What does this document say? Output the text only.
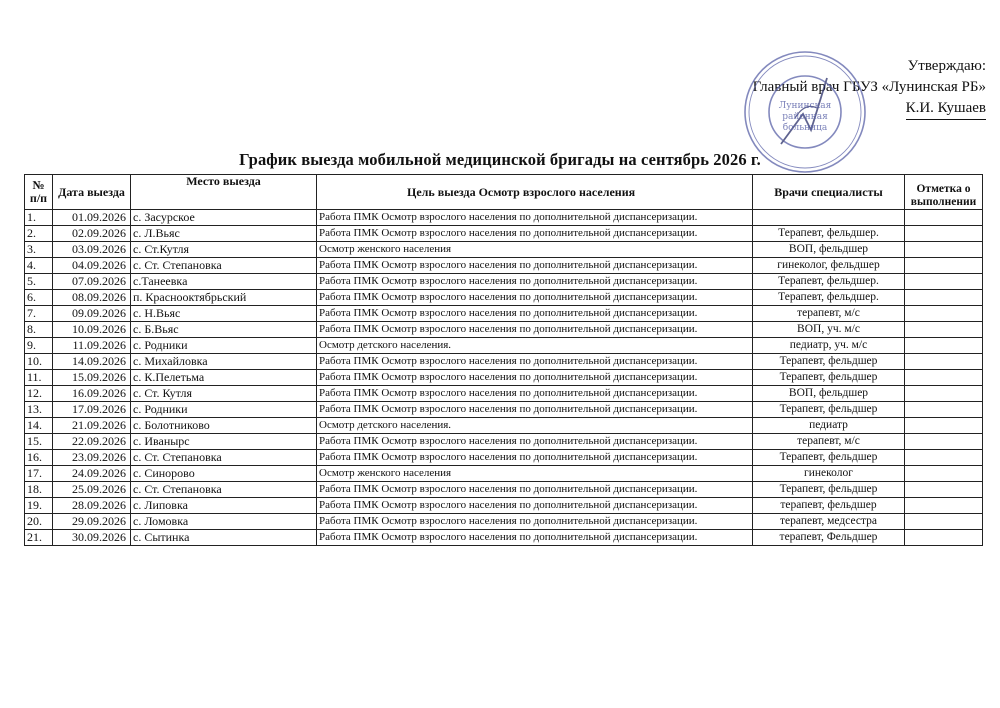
Утверждаю:
Главный врач ГБУЗ «Лунинская РБ»
К.И. Кушаев
Лунинская
районная
больница
График выезда мобильной медицинской бригады на сентябрь 2026 г.
№ п/п	Дата выезда	Место выезда	Цель выезда Осмотр взрослого населения	Врачи специалисты	Отметка о выполнении
1.	01.09.2026	с. Засурское	Работа ПМК Осмотр взрослого населения по дополнительной диспансеризации.		
2.	02.09.2026	с. Л.Вьяс	Работа ПМК Осмотр взрослого населения по дополнительной диспансеризации.	Терапевт, фельдшер.	
3.	03.09.2026	с. Ст.Кутля	Осмотр женского населения	ВОП, фельдшер	
4.	04.09.2026	с. Ст. Степановка	Работа ПМК Осмотр взрослого населения по дополнительной диспансеризации.	гинеколог, фельдшер	
5.	07.09.2026	с.Танеевка	Работа ПМК Осмотр взрослого населения по дополнительной диспансеризации.	Терапевт, фельдшер.	
6.	08.09.2026	п. Краснооктябрьский	Работа ПМК Осмотр взрослого населения по дополнительной диспансеризации.	Терапевт, фельдшер.	
7.	09.09.2026	с. Н.Вьяс	Работа ПМК Осмотр взрослого населения по дополнительной диспансеризации.	терапевт, м/с	
8.	10.09.2026	с. Б.Вьяс	Работа ПМК Осмотр взрослого населения по дополнительной диспансеризации.	ВОП, уч. м/с	
9.	11.09.2026	с. Родники	Осмотр детского населения.	педиатр, уч. м/с	
10.	14.09.2026	с. Михайловка	Работа ПМК Осмотр взрослого населения по дополнительной диспансеризации.	Терапевт, фельдшер	
11.	15.09.2026	с. К.Пелетьма	Работа ПМК Осмотр взрослого населения по дополнительной диспансеризации.	Терапевт, фельдшер	
12.	16.09.2026	с. Ст. Кутля	Работа ПМК Осмотр взрослого населения по дополнительной диспансеризации.	ВОП, фельдшер	
13.	17.09.2026	с. Родники	Работа ПМК Осмотр взрослого населения по дополнительной диспансеризации.	Терапевт, фельдшер	
14.	21.09.2026	с. Болотниково	Осмотр детского населения.	педиатр	
15.	22.09.2026	с. Иваныpс	Работа ПМК Осмотр взрослого населения по дополнительной диспансеризации.	терапевт, м/с	
16.	23.09.2026	с. Ст. Степановка	Работа ПМК Осмотр взрослого населения по дополнительной диспансеризации.	Терапевт, фельдшер	
17.	24.09.2026	с. Синорово	Осмотр женского населения	гинеколог	
18.	25.09.2026	с. Ст. Степановка	Работа ПМК Осмотр взрослого населения по дополнительной диспансеризации.	Терапевт, фельдшер	
19.	28.09.2026	с. Липовка	Работа ПМК Осмотр взрослого населения по дополнительной диспансеризации.	терапевт, фельдшер	
20.	29.09.2026	с. Ломовка	Работа ПМК Осмотр взрослого населения по дополнительной диспансеризации.	терапевт, медсестра	
21.	30.09.2026	с. Сытинка	Работа ПМК Осмотр взрослого населения по дополнительной диспансеризации.	терапевт, Фельдшер	
